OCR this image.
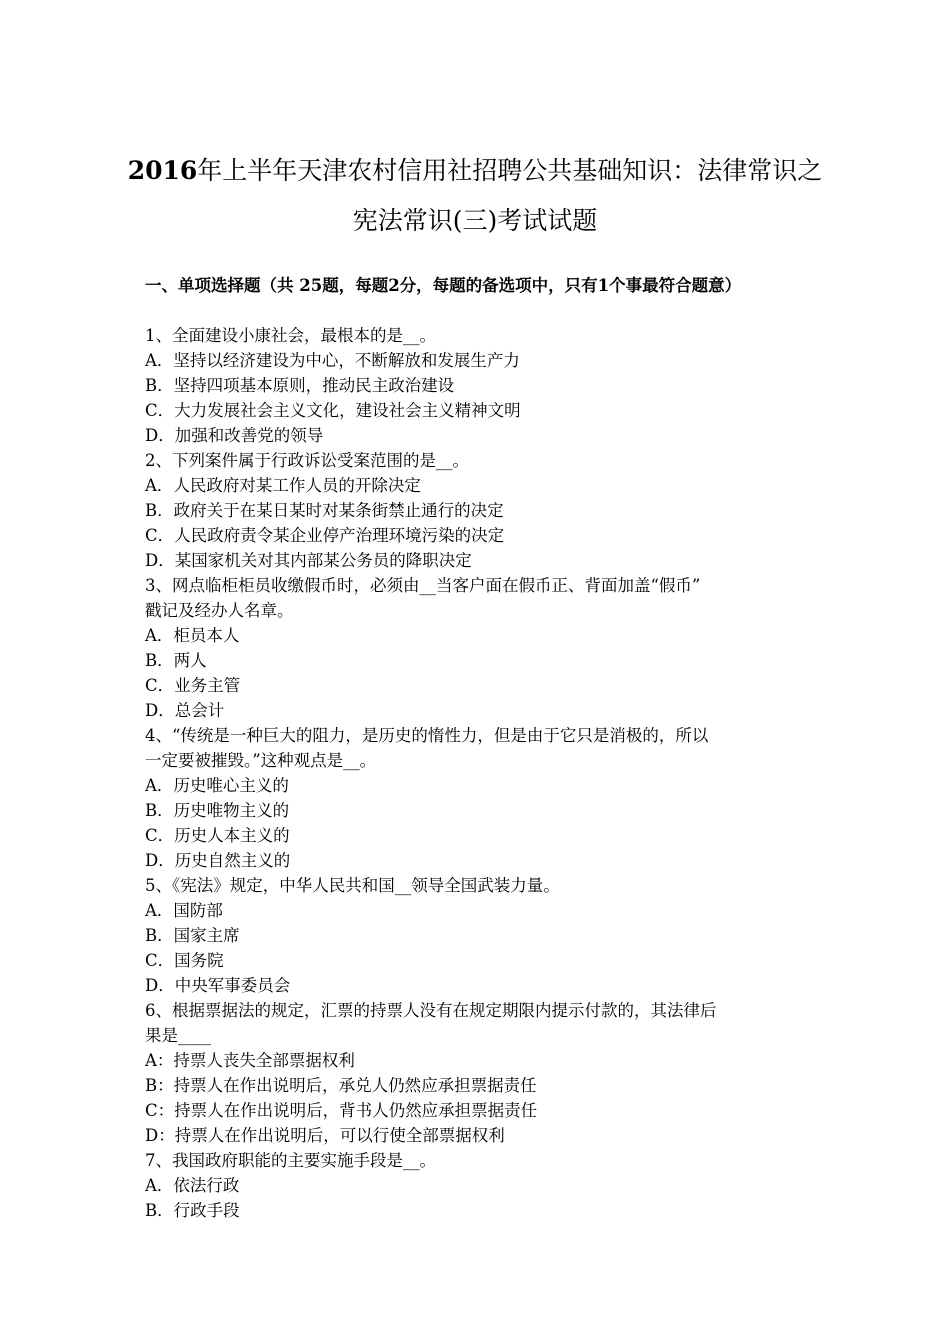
2016年上半年天津农村信用社招聘公共基础知识：法律常识之宪法常识(三)考试试题
一、单项选择题（共 25题，每题2分，每题的备选项中，只有1个事最符合题意）
1、全面建设小康社会，最根本的是__。
A．坚持以经济建设为中心，不断解放和发展生产力
B．坚持四项基本原则，推动民主政治建设
C．大力发展社会主义文化，建设社会主义精神文明
D．加强和改善党的领导
2、下列案件属于行政诉讼受案范围的是__。
A．人民政府对某工作人员的开除决定
B．政府关于在某日某时对某条街禁止通行的决定
C．人民政府责令某企业停产治理环境污染的决定
D．某国家机关对其内部某公务员的降职决定
3、网点临柜柜员收缴假币时，必须由__当客户面在假币正、背面加盖“假币”
戳记及经办人名章。
A．柜员本人
B．两人
C．业务主管
D．总会计
4、“传统是一种巨大的阻力，是历史的惰性力，但是由于它只是消极的，所以
一定要被摧毁。”这种观点是__。
A．历史唯心主义的
B．历史唯物主义的
C．历史人本主义的
D．历史自然主义的
5、《宪法》规定，中华人民共和国__领导全国武装力量。
A．国防部
B．国家主席
C．国务院
D．中央军事委员会
6、根据票据法的规定，汇票的持票人没有在规定期限内提示付款的，其法律后
果是____
A：持票人丧失全部票据权利
B：持票人在作出说明后，承兑人仍然应承担票据责任
C：持票人在作出说明后，背书人仍然应承担票据责任
D：持票人在作出说明后，可以行使全部票据权利
7、我国政府职能的主要实施手段是__。
A．依法行政
B．行政手段
